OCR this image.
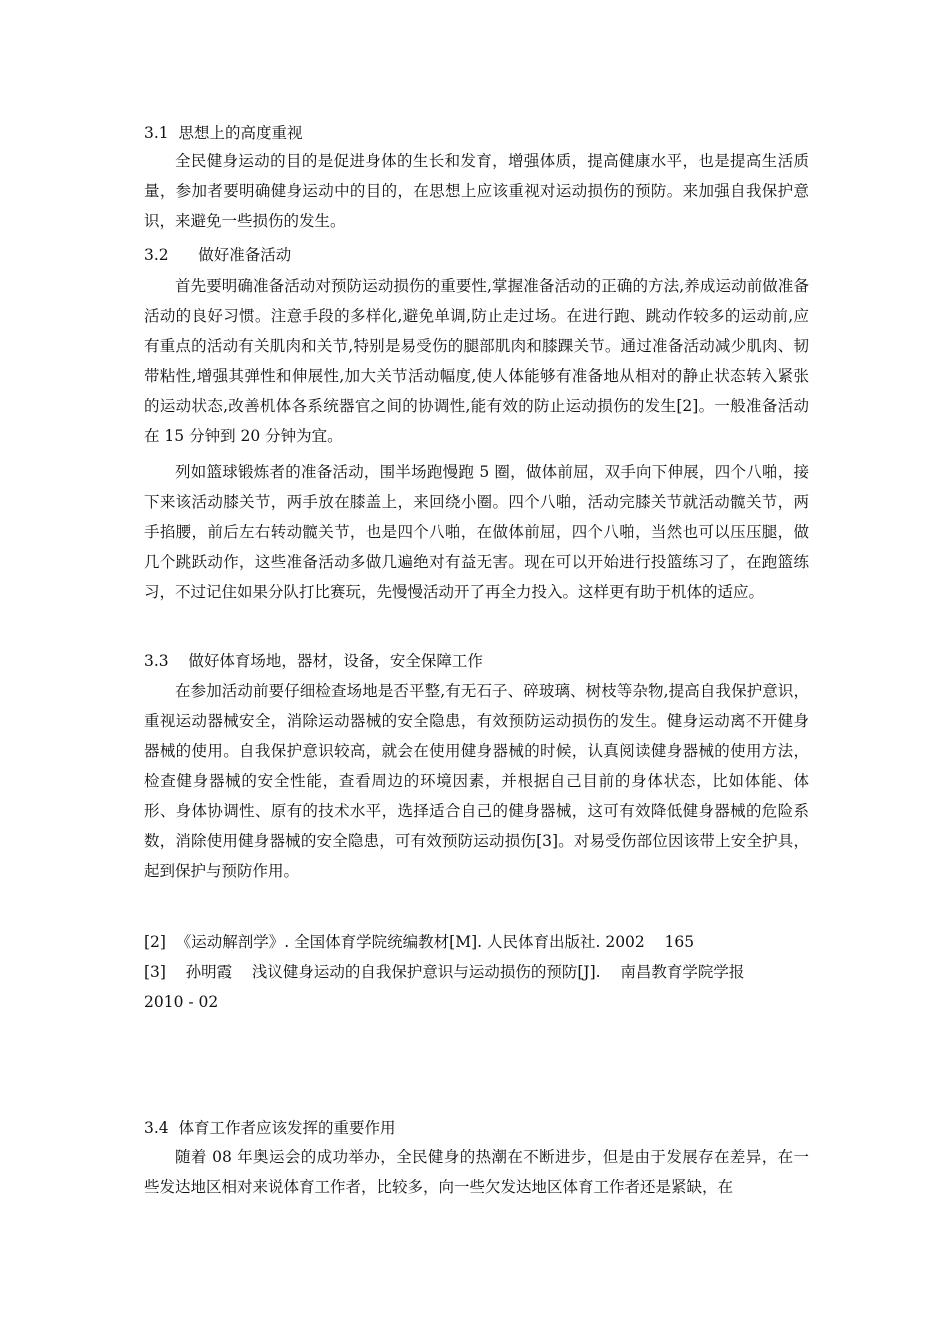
3.1  思想上的高度重视
全民健身运动的目的是促进身体的生长和发育，增强体质，提高健康水平，也是提高生活质量，参加者要明确健身运动中的目的，在思想上应该重视对运动损伤的预防。来加强自我保护意识，来避免一些损伤的发生。
3.2      做好准备活动
首先要明确准备活动对预防运动损伤的重要性,掌握准备活动的正确的方法,养成运动前做准备活动的良好习惯。注意手段的多样化,避免单调,防止走过场。在进行跑、跳动作较多的运动前,应有重点的活动有关肌肉和关节,特别是易受伤的腿部肌肉和膝踝关节。通过准备活动减少肌肉、韧带粘性,增强其弹性和伸展性,加大关节活动幅度,使人体能够有准备地从相对的静止状态转入紧张的运动状态,改善机体各系统器官之间的协调性,能有效的防止运动损伤的发生[2]。一般准备活动在 15 分钟到 20 分钟为宜。
列如篮球锻炼者的准备活动，围半场跑慢跑 5 圈，做体前屈，双手向下伸展，四个八啪，接下来该活动膝关节，两手放在膝盖上，来回绕小圈。四个八啪，活动完膝关节就活动髋关节，两手掐腰，前后左右转动髋关节，也是四个八啪，在做体前屈，四个八啪，当然也可以压压腿，做几个跳跃动作，这些准备活动多做几遍绝对有益无害。现在可以开始进行投篮练习了，在跑篮练习，不过记住如果分队打比赛玩，先慢慢活动开了再全力投入。这样更有助于机体的适应。
3.3    做好体育场地，器材，设备，安全保障工作
在参加活动前要仔细检查场地是否平整,有无石子、碎玻璃、树枝等杂物,提高自我保护意识，重视运动器械安全，消除运动器械的安全隐患，有效预防运动损伤的发生。健身运动离不开健身器械的使用。自我保护意识较高，就会在使用健身器械的时候，认真阅读健身器械的使用方法，检查健身器械的安全性能，查看周边的环境因素，并根据自己目前的身体状态，比如体能、体形、身体协调性、原有的技术水平，选择适合自己的健身器械，这可有效降低健身器械的危险系数，消除使用健身器械的安全隐患，可有效预防运动损伤[3]。对易受伤部位因该带上安全护具，起到保护与预防作用。
[2]  《运动解剖学》. 全国体育学院统编教材[M]. 人民体育出版社. 2002    165
[3]    孙明霞    浅议健身运动的自我保护意识与运动损伤的预防[J].    南昌教育学院学报
2010 - 02
3.4  体育工作者应该发挥的重要作用
随着 08 年奥运会的成功举办，全民健身的热潮在不断进步，但是由于发展存在差异，在一些发达地区相对来说体育工作者，比较多，向一些欠发达地区体育工作者还是紧缺，在
